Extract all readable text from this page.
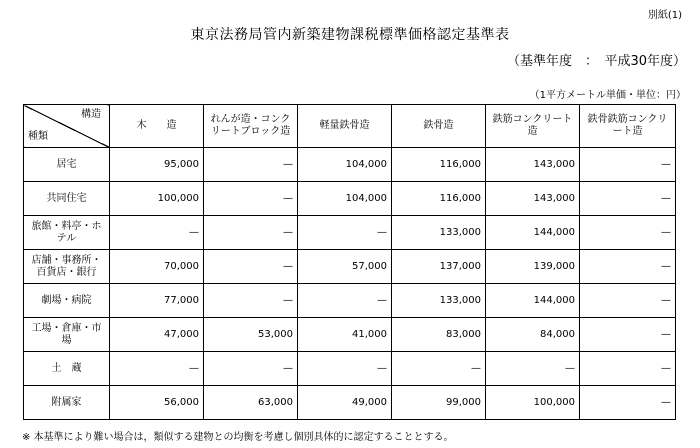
別紙(1)
東京法務局管内新築建物課税標準価格認定基準表
（基準年度　：　平成30年度）
（1平方メートル単価・単位：円）
構造
種類	木　　造	れんが造・コンクリートブロック造	軽量鉄骨造	鉄骨造	鉄筋コンクリート造	鉄骨鉄筋コンクリート造
居宅	95,000	—	104,000	116,000	143,000	—
共同住宅	100,000	—	104,000	116,000	143,000	—
旅館・料亭・ホテル	—	—	—	133,000	144,000	—
店舗・事務所・百貨店・銀行	70,000	—	57,000	137,000	139,000	—
劇場・病院	77,000	—	—	133,000	144,000	—
工場・倉庫・市場	47,000	53,000	41,000	83,000	84,000	—
土　蔵	—	—	—	—	—	—
附属家	56,000	63,000	49,000	99,000	100,000	—
※ 本基準により難い場合は，類似する建物との均衡を考慮し個別具体的に認定することとする。
